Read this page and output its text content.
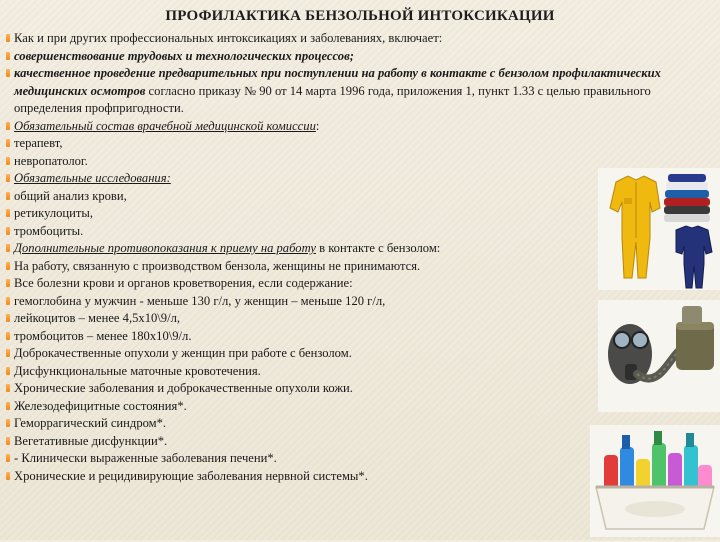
ПРОФИЛАКТИКА БЕНЗОЛЬНОЙ ИНТОКСИКАЦИИ
Как и при других профессиональных интоксикациях и заболеваниях, включает:
совершенствование трудовых и технологических процессов;
качественное проведение предварительных при поступлении на работу в контакте с бензолом профилактических медицинских осмотров согласно приказу № 90 от 14 марта 1996 года, приложения 1, пункт 1.33 с целью правильного определения профпригодности.
Обязательный состав врачебной медицинской комиссии:
терапевт,
невропатолог.
Обязательные исследования:
общий анализ крови,
ретикулоциты,
тромбоциты.
Дополнительные противопоказания к приему на работу в контакте с бензолом:
На работу, связанную с производством бензола, женщины не принимаются.
Все болезни крови и органов кроветворения, если содержание:
гемоглобина у мужчин - меньше 130 г/л, у женщин – меньше 120 г/л,
лейкоцитов – менее 4,5х10\9/л,
тромбоцитов – менее 180х10\9/л.
Доброкачественные опухоли у женщин при работе с бензолом.
Дисфункциональные маточные кровотечения.
Хронические заболевания и доброкачественные опухоли кожи.
Железодефицитные состояния*.
Геморрагический синдром*.
Вегетативные дисфункции*.
- Клинически выраженные заболевания печени*.
Хронические и рецидивирующие заболевания нервной системы*.
